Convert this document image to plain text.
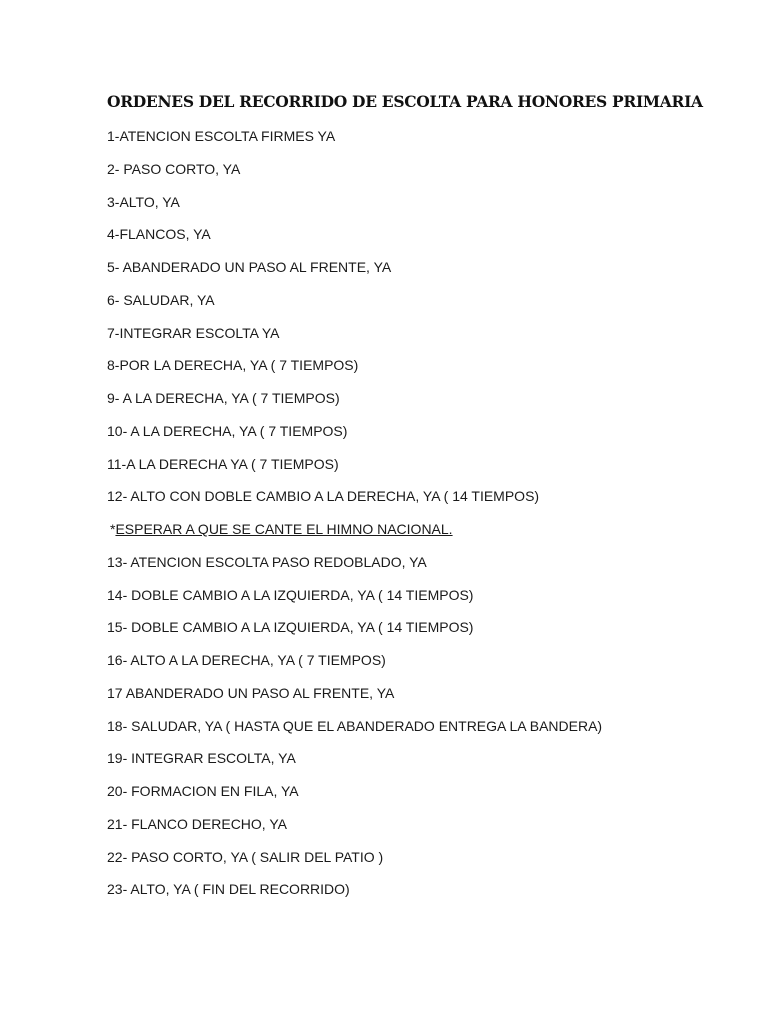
ORDENES DEL RECORRIDO DE ESCOLTA PARA HONORES PRIMARIA
1-ATENCION ESCOLTA FIRMES YA
2- PASO CORTO, YA
3-ALTO, YA
4-FLANCOS, YA
5- ABANDERADO UN PASO AL FRENTE, YA
6- SALUDAR, YA
7-INTEGRAR ESCOLTA YA
8-POR LA DERECHA, YA ( 7 TIEMPOS)
9- A LA DERECHA, YA ( 7 TIEMPOS)
10- A LA DERECHA, YA ( 7 TIEMPOS)
11-A LA DERECHA YA ( 7 TIEMPOS)
12- ALTO CON DOBLE CAMBIO A LA DERECHA, YA ( 14 TIEMPOS)
*ESPERAR A QUE SE CANTE EL HIMNO NACIONAL.
13- ATENCION ESCOLTA PASO REDOBLADO, YA
14- DOBLE CAMBIO A LA IZQUIERDA, YA ( 14 TIEMPOS)
15- DOBLE CAMBIO A LA IZQUIERDA, YA ( 14 TIEMPOS)
16- ALTO A LA DERECHA, YA ( 7 TIEMPOS)
17 ABANDERADO UN PASO AL FRENTE, YA
18- SALUDAR, YA ( HASTA QUE EL ABANDERADO ENTREGA LA BANDERA)
19- INTEGRAR ESCOLTA, YA
20- FORMACION EN FILA, YA
21- FLANCO DERECHO, YA
22- PASO CORTO, YA ( SALIR DEL PATIO )
23- ALTO, YA ( FIN DEL RECORRIDO)
